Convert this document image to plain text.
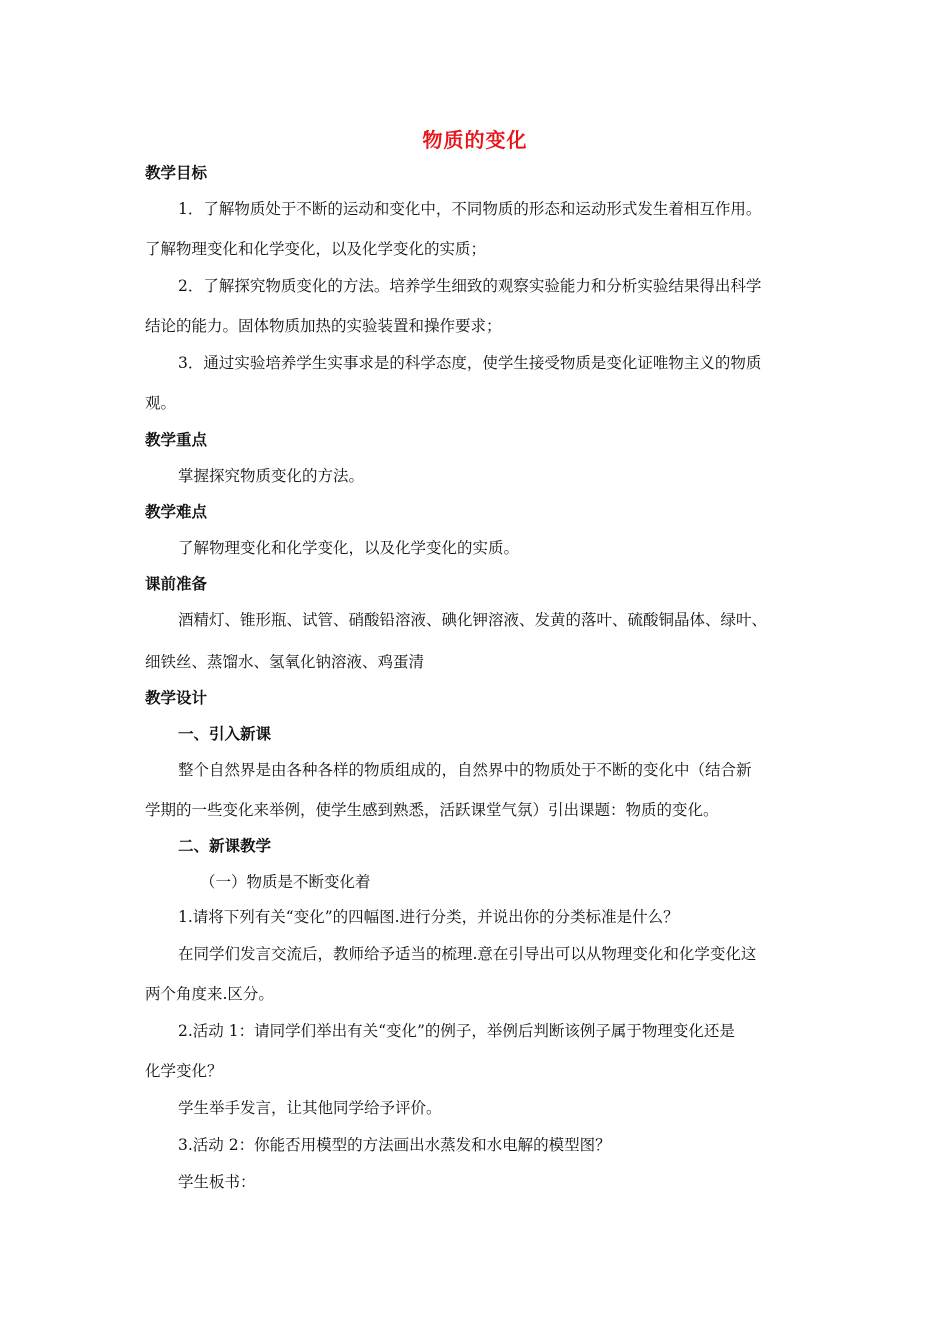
物质的变化
教学目标
1．了解物质处于不断的运动和变化中，不同物质的形态和运动形式发生着相互作用。
了解物理变化和化学变化，以及化学变化的实质；
2．了解探究物质变化的方法。培养学生细致的观察实验能力和分析实验结果得出科学
结论的能力。固体物质加热的实验装置和操作要求；
3．通过实验培养学生实事求是的科学态度，使学生接受物质是变化证唯物主义的物质
观。
教学重点
掌握探究物质变化的方法。
教学难点
了解物理变化和化学变化，以及化学变化的实质。
课前准备
酒精灯、锥形瓶、试管、硝酸铅溶液、碘化钾溶液、发黄的落叶、硫酸铜晶体、绿叶、
细铁丝、蒸馏水、氢氧化钠溶液、鸡蛋清
教学设计
一、引入新课
整个自然界是由各种各样的物质组成的，自然界中的物质处于不断的变化中（结合新
学期的一些变化来举例，使学生感到熟悉，活跃课堂气氛）引出课题：物质的变化。
二、新课教学
（一）物质是不断变化着
1.请将下列有关“变化”的四幅图.进行分类，并说出你的分类标准是什么？
在同学们发言交流后，教师给予适当的梳理.意在引导出可以从物理变化和化学变化这
两个角度来.区分。
2.活动 1：请同学们举出有关“变化”的例子，举例后判断该例子属于物理变化还是
化学变化？
学生举手发言，让其他同学给予评价。
3.活动 2：你能否用模型的方法画出水蒸发和水电解的模型图？
学生板书：
